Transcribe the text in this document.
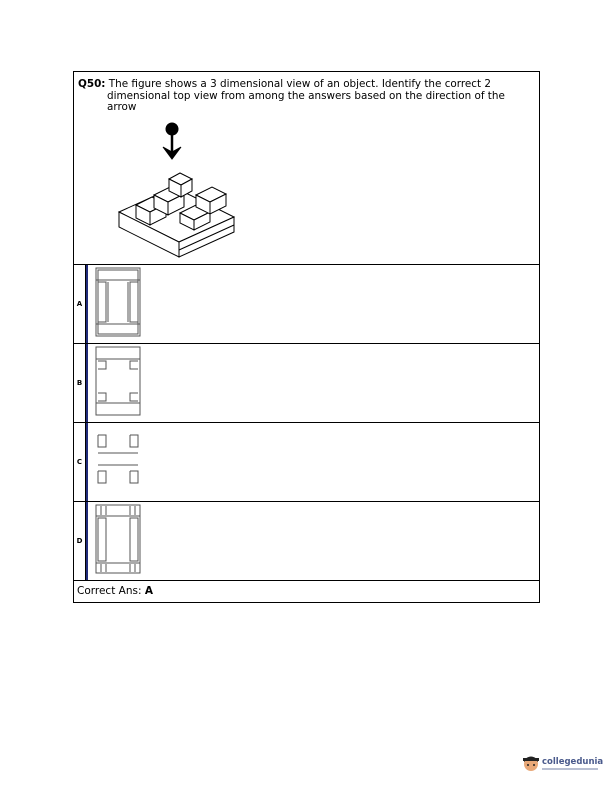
Q50: The figure shows a 3 dimensional view of an object. Identify the correct 2
dimensional top view from among the answers based on the direction of the
arrow
A
B
C
D
Correct Ans: A
collegedunia
